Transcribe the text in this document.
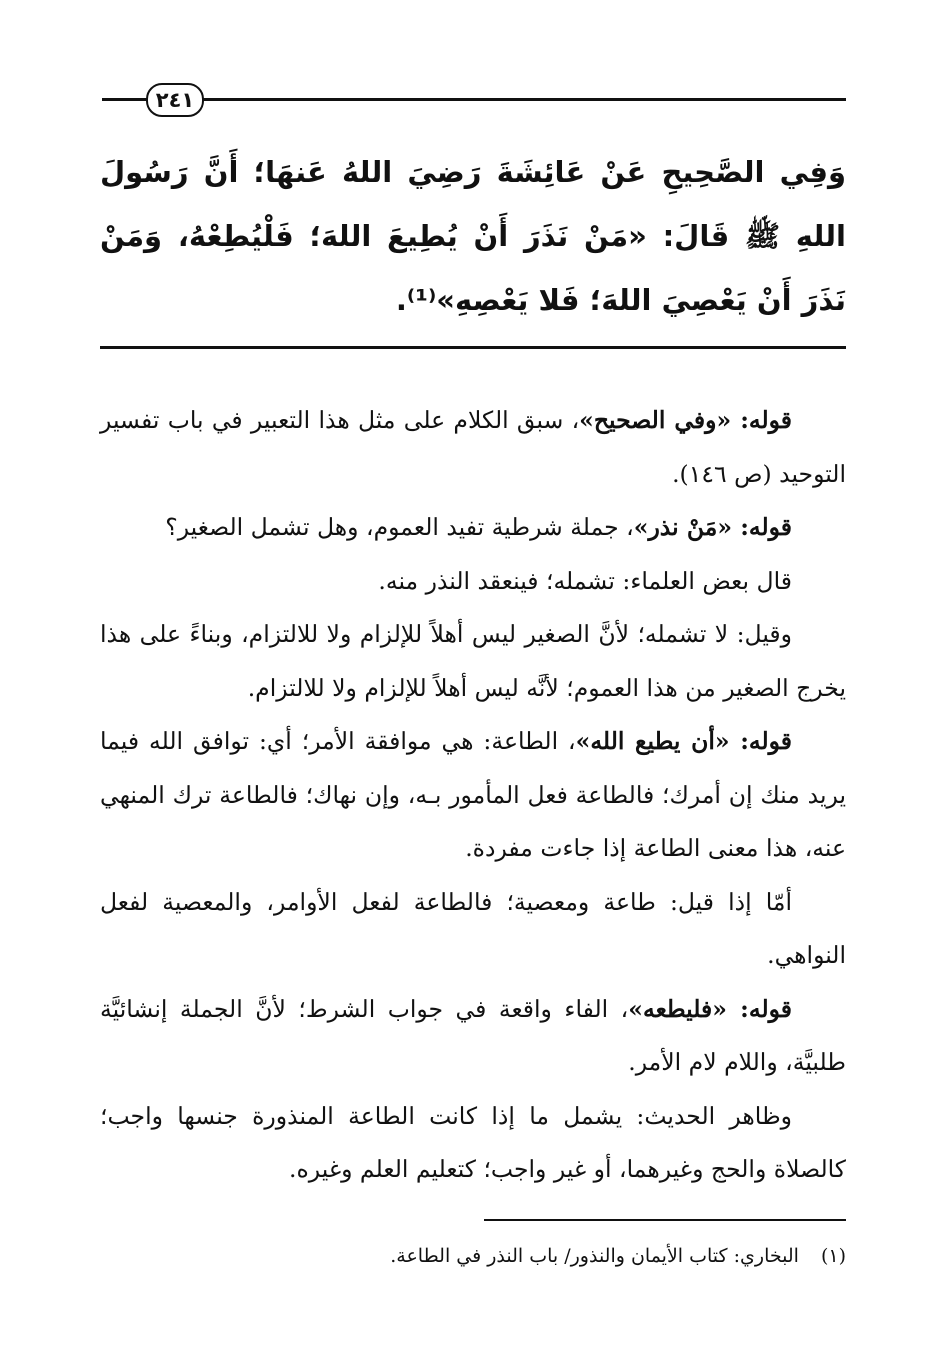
٢٤١
وَفِي الصَّحِيحِ عَنْ عَائِشَةَ رَضِيَ اللهُ عَنهَا؛ أَنَّ رَسُولَ اللهِ ﷺ قَالَ: «مَنْ نَذَرَ أَنْ يُطِيعَ اللهَ؛ فَلْيُطِعْهُ، وَمَنْ نَذَرَ أَنْ يَعْصِيَ اللهَ؛ فَلا يَعْصِهِ»⁽¹⁾.

قوله: «وفي الصحيح»، سبق الكلام على مثل هذا التعبير في باب تفسير التوحيد (ص ١٤٦).

قوله: «مَنْ نذر»، جملة شرطية تفيد العموم، وهل تشمل الصغير؟

قال بعض العلماء: تشمله؛ فينعقد النذر منه.

وقيل: لا تشمله؛ لأنَّ الصغير ليس أهلاً للإلزام ولا للالتزام، وبناءً على هذا يخرج الصغير من هذا العموم؛ لأنَّه ليس أهلاً للإلزام ولا للالتزام.

قوله: «أن يطيع الله»، الطاعة: هي موافقة الأمر؛ أي: توافق الله فيما يريد منك إن أمرك؛ فالطاعة فعل المأمور بـه، وإن نهاك؛ فالطاعة ترك المنهي عنه، هذا معنى الطاعة إذا جاءت مفردة.

أمّا إذا قيل: طاعة ومعصية؛ فالطاعة لفعل الأوامر، والمعصية لفعل النواهي.

قوله: «فليطعه»، الفاء واقعة في جواب الشرط؛ لأنَّ الجملة إنشائيَّة طلبيَّة، واللام لام الأمر.

وظاهر الحديث: يشمل ما إذا كانت الطاعة المنذورة جنسها واجب؛ كالصلاة والحج وغيرهما، أو غير واجب؛ كتعليم العلم وغيره.

(١)البخاري: كتاب الأيمان والنذور/ باب النذر في الطاعة.
